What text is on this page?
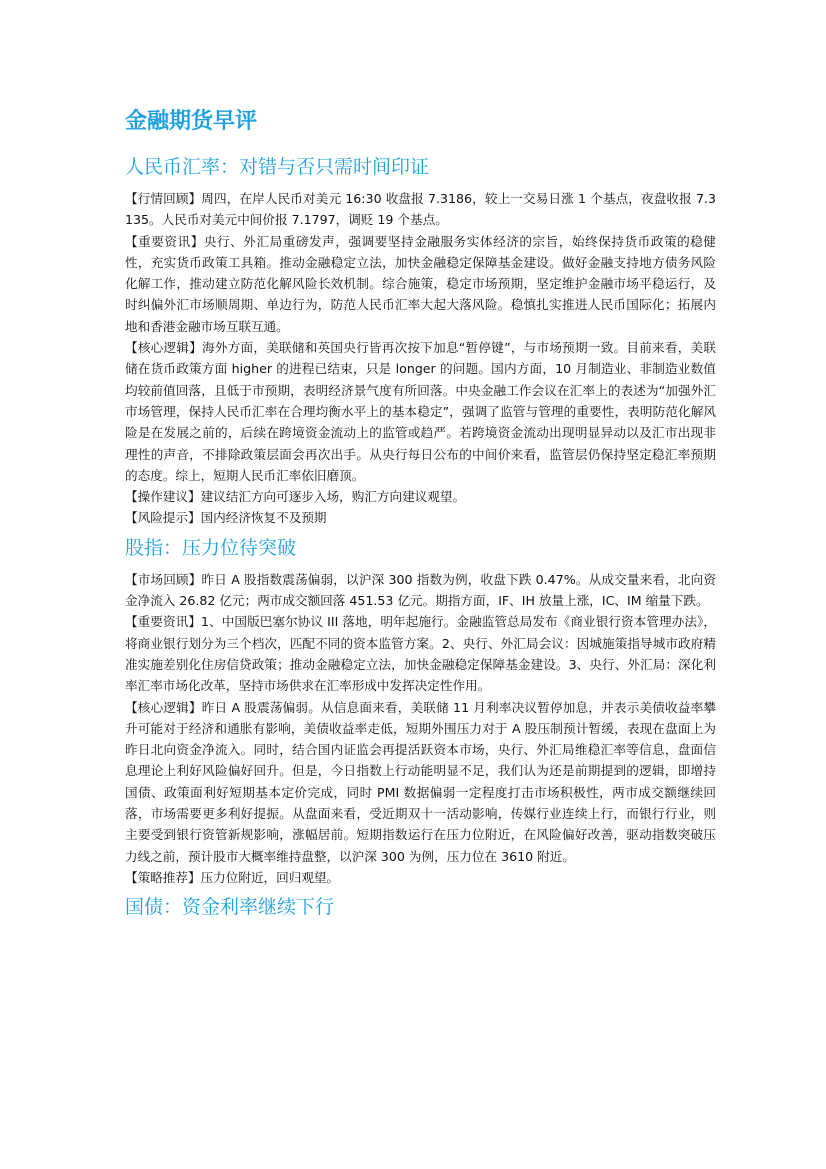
金融期货早评
人民币汇率：对错与否只需时间印证

【行情回顾】周四，在岸人民币对美元 16:30 收盘报 7.3186，较上一交易日涨 1 个基点，夜盘收报 7.3135。人民币对美元中间价报 7.1797，调贬 19 个基点。

【重要资讯】央行、外汇局重磅发声，强调要坚持金融服务实体经济的宗旨，始终保持货币政策的稳健性，充实货币政策工具箱。推动金融稳定立法，加快金融稳定保障基金建设。做好金融支持地方债务风险化解工作，推动建立防范化解风险长效机制。综合施策，稳定市场预期，坚定维护金融市场平稳运行，及时纠偏外汇市场顺周期、单边行为，防范人民币汇率大起大落风险。稳慎扎实推进人民币国际化；拓展内地和香港金融市场互联互通。

【核心逻辑】海外方面，美联储和英国央行皆再次按下加息“暂停键”，与市场预期一致。目前来看，美联储在货币政策方面 higher 的进程已结束，只是 longer 的问题。国内方面，10 月制造业、非制造业数值均较前值回落，且低于市预期，表明经济景气度有所回落。中央金融工作会议在汇率上的表述为“加强外汇市场管理，保持人民币汇率在合理均衡水平上的基本稳定”，强调了监管与管理的重要性，表明防范化解风险是在发展之前的，后续在跨境资金流动上的监管或趋严。若跨境资金流动出现明显异动以及汇市出现非理性的声音，不排除政策层面会再次出手。从央行每日公布的中间价来看，监管层仍保持坚定稳汇率预期的态度。综上，短期人民币汇率依旧磨顶。

【操作建议】建议结汇方向可逐步入场，购汇方向建议观望。

【风险提示】国内经济恢复不及预期

股指：压力位待突破

【市场回顾】昨日 A 股指数震荡偏弱，以沪深 300 指数为例，收盘下跌 0.47%。从成交量来看，北向资金净流入 26.82 亿元；两市成交额回落 451.53 亿元。期指方面，IF、IH 放量上涨，IC、IM 缩量下跌。

【重要资讯】1、中国版巴塞尔协议 III 落地，明年起施行。金融监管总局发布《商业银行资本管理办法》，将商业银行划分为三个档次，匹配不同的资本监管方案。2、央行、外汇局会议：因城施策指导城市政府精准实施差别化住房信贷政策；推动金融稳定立法，加快金融稳定保障基金建设。3、央行、外汇局：深化利率汇率市场化改革，坚持市场供求在汇率形成中发挥决定性作用。

【核心逻辑】昨日 A 股震荡偏弱。从信息面来看，美联储 11 月利率决议暂停加息，并表示美债收益率攀升可能对于经济和通胀有影响，美债收益率走低，短期外围压力对于 A 股压制预计暂缓，表现在盘面上为昨日北向资金净流入。同时，结合国内证监会再提活跃资本市场，央行、外汇局维稳汇率等信息，盘面信息理论上利好风险偏好回升。但是，今日指数上行动能明显不足，我们认为还是前期提到的逻辑，即增持国债、政策面利好短期基本定价完成，同时 PMI 数据偏弱一定程度打击市场积极性，两市成交额继续回落，市场需要更多利好提振。从盘面来看，受近期双十一活动影响，传媒行业连续上行，而银行行业，则主要受到银行资管新规影响，涨幅居前。短期指数运行在压力位附近，在风险偏好改善，驱动指数突破压力线之前，预计股市大概率维持盘整，以沪深 300 为例，压力位在 3610 附近。

【策略推荐】压力位附近，回归观望。

国债：资金利率继续下行
